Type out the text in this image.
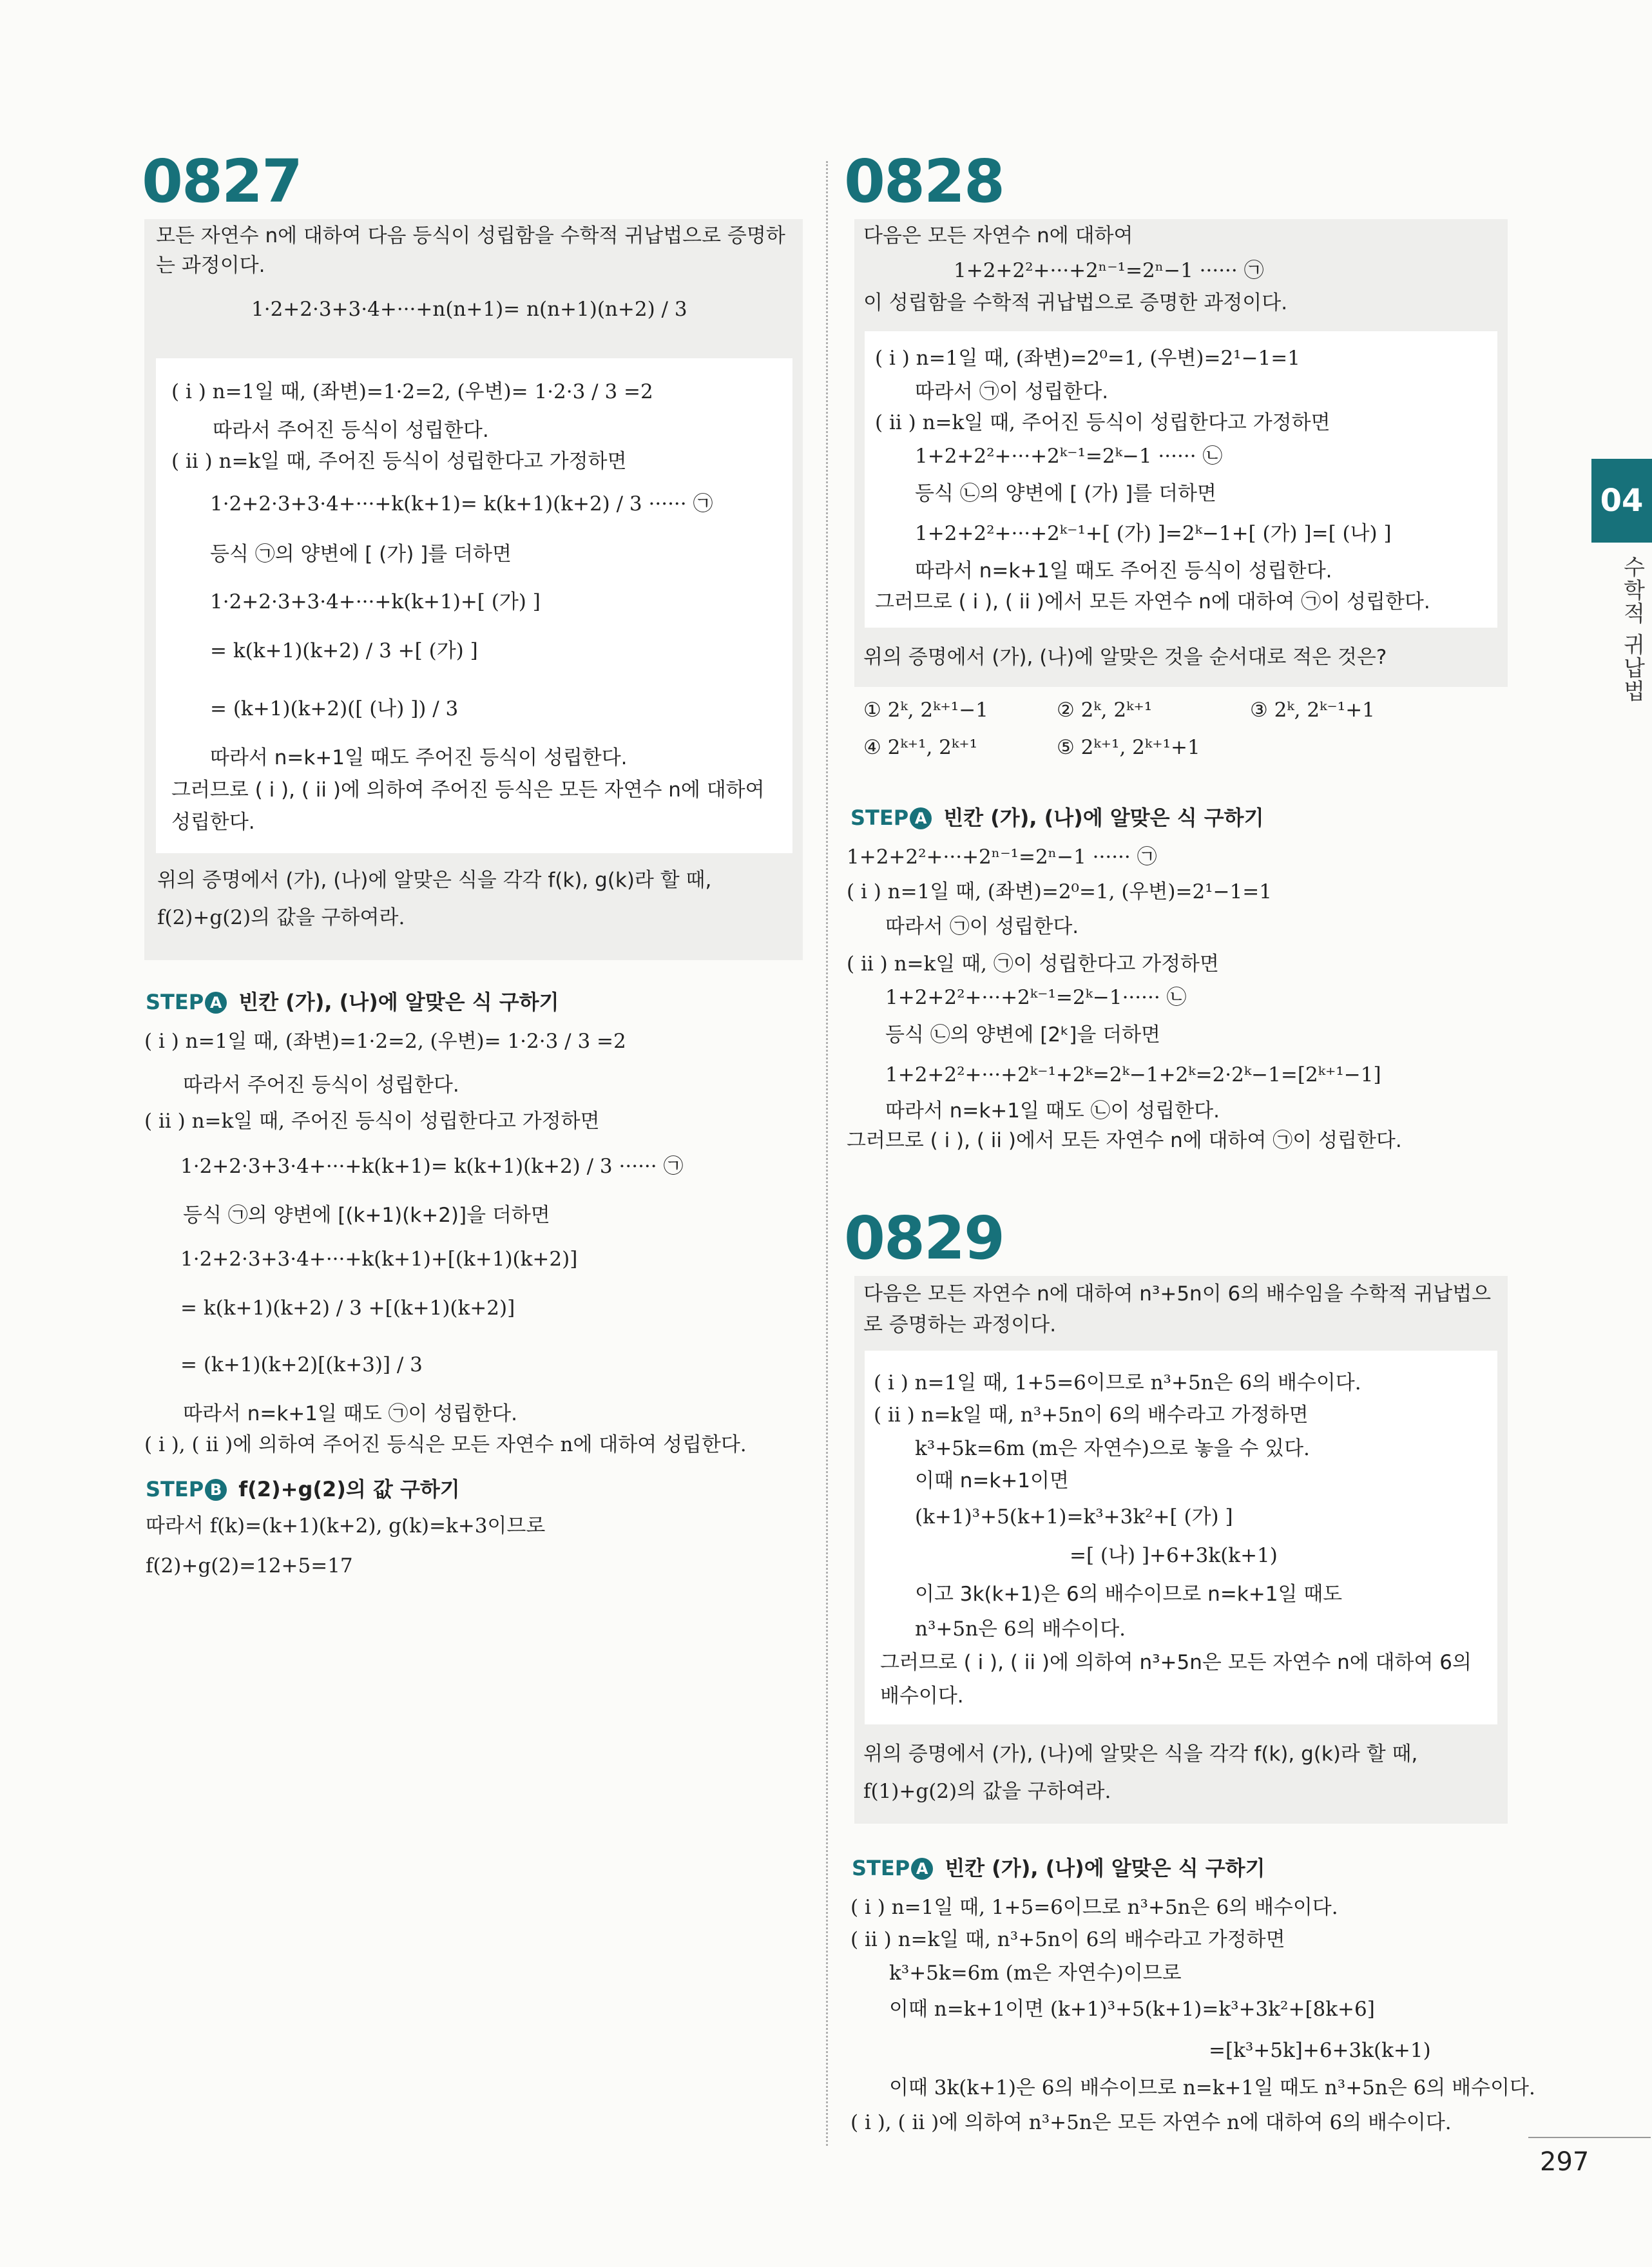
04
수학적 귀납법
0827
모든 자연수 n에 대하여 다음 등식이 성립함을 수학적 귀납법으로 증명하
는 과정이다.
1·2+2·3+3·4+···+n(n+1)= n(n+1)(n+2) / 3
( i ) n=1일 때, (좌변)=1·2=2, (우변)= 1·2·3 / 3 =2
따라서 주어진 등식이 성립한다.
( ii ) n=k일 때, 주어진 등식이 성립한다고 가정하면
1·2+2·3+3·4+···+k(k+1)= k(k+1)(k+2) / 3 ······ ㉠
등식 ㉠의 양변에 [ (가) ]를 더하면
1·2+2·3+3·4+···+k(k+1)+[ (가) ]
= k(k+1)(k+2) / 3 +[ (가) ]
= (k+1)(k+2)([ (나) ]) / 3
따라서 n=k+1일 때도 주어진 등식이 성립한다.
그러므로 ( i ), ( ii )에 의하여 주어진 등식은 모든 자연수 n에 대하여
성립한다.
위의 증명에서 (가), (나)에 알맞은 식을 각각 f(k), g(k)라 할 때,
f(2)+g(2)의 값을 구하여라.
STEP A 빈칸 (가), (나)에 알맞은 식 구하기
( i ) n=1일 때, (좌변)=1·2=2, (우변)= 1·2·3 / 3 =2
따라서 주어진 등식이 성립한다.
( ii ) n=k일 때, 주어진 등식이 성립한다고 가정하면
1·2+2·3+3·4+···+k(k+1)= k(k+1)(k+2) / 3 ······ ㉠
등식 ㉠의 양변에 [(k+1)(k+2)]을 더하면
1·2+2·3+3·4+···+k(k+1)+[(k+1)(k+2)]
= k(k+1)(k+2) / 3 +[(k+1)(k+2)]
= (k+1)(k+2)[(k+3)] / 3
따라서 n=k+1일 때도 ㉠이 성립한다.
( i ), ( ii )에 의하여 주어진 등식은 모든 자연수 n에 대하여 성립한다.
STEP B f(2)+g(2)의 값 구하기
따라서 f(k)=(k+1)(k+2), g(k)=k+3이므로
f(2)+g(2)=12+5=17
0828
다음은 모든 자연수 n에 대하여
1+2+2²+···+2ⁿ⁻¹=2ⁿ−1 ······ ㉠
이 성립함을 수학적 귀납법으로 증명한 과정이다.
( i ) n=1일 때, (좌변)=2⁰=1, (우변)=2¹−1=1
따라서 ㉠이 성립한다.
( ii ) n=k일 때, 주어진 등식이 성립한다고 가정하면
1+2+2²+···+2ᵏ⁻¹=2ᵏ−1 ······ ㉡
등식 ㉡의 양변에 [ (가) ]를 더하면
1+2+2²+···+2ᵏ⁻¹+[ (가) ]=2ᵏ−1+[ (가) ]=[ (나) ]
따라서 n=k+1일 때도 주어진 등식이 성립한다.
그러므로 ( i ), ( ii )에서 모든 자연수 n에 대하여 ㉠이 성립한다.
위의 증명에서 (가), (나)에 알맞은 것을 순서대로 적은 것은?
① 2ᵏ, 2ᵏ⁺¹−1	② 2ᵏ, 2ᵏ⁺¹	③ 2ᵏ, 2ᵏ⁻¹+1
④ 2ᵏ⁺¹, 2ᵏ⁺¹	⑤ 2ᵏ⁺¹, 2ᵏ⁺¹+1
STEP A 빈칸 (가), (나)에 알맞은 식 구하기
1+2+2²+···+2ⁿ⁻¹=2ⁿ−1 ······ ㉠
( i ) n=1일 때, (좌변)=2⁰=1, (우변)=2¹−1=1
따라서 ㉠이 성립한다.
( ii ) n=k일 때, ㉠이 성립한다고 가정하면
1+2+2²+···+2ᵏ⁻¹=2ᵏ−1······ ㉡
등식 ㉡의 양변에 [2ᵏ]을 더하면
1+2+2²+···+2ᵏ⁻¹+2ᵏ=2ᵏ−1+2ᵏ=2·2ᵏ−1=[2ᵏ⁺¹−1]
따라서 n=k+1일 때도 ㉡이 성립한다.
그러므로 ( i ), ( ii )에서 모든 자연수 n에 대하여 ㉠이 성립한다.
0829
다음은 모든 자연수 n에 대하여 n³+5n이 6의 배수임을 수학적 귀납법으
로 증명하는 과정이다.
( i ) n=1일 때, 1+5=6이므로 n³+5n은 6의 배수이다.
( ii ) n=k일 때, n³+5n이 6의 배수라고 가정하면
k³+5k=6m (m은 자연수)으로 놓을 수 있다.
이때 n=k+1이면
(k+1)³+5(k+1)=k³+3k²+[ (가) ]
=[ (나) ]+6+3k(k+1)
이고 3k(k+1)은 6의 배수이므로 n=k+1일 때도
n³+5n은 6의 배수이다.
그러므로 ( i ), ( ii )에 의하여 n³+5n은 모든 자연수 n에 대하여 6의
배수이다.
위의 증명에서 (가), (나)에 알맞은 식을 각각 f(k), g(k)라 할 때,
f(1)+g(2)의 값을 구하여라.
STEP A 빈칸 (가), (나)에 알맞은 식 구하기
( i ) n=1일 때, 1+5=6이므로 n³+5n은 6의 배수이다.
( ii ) n=k일 때, n³+5n이 6의 배수라고 가정하면
k³+5k=6m (m은 자연수)이므로
이때 n=k+1이면 (k+1)³+5(k+1)=k³+3k²+[8k+6]
=[k³+5k]+6+3k(k+1)
이때 3k(k+1)은 6의 배수이므로 n=k+1일 때도 n³+5n은 6의 배수이다.
( i ), ( ii )에 의하여 n³+5n은 모든 자연수 n에 대하여 6의 배수이다.
297
